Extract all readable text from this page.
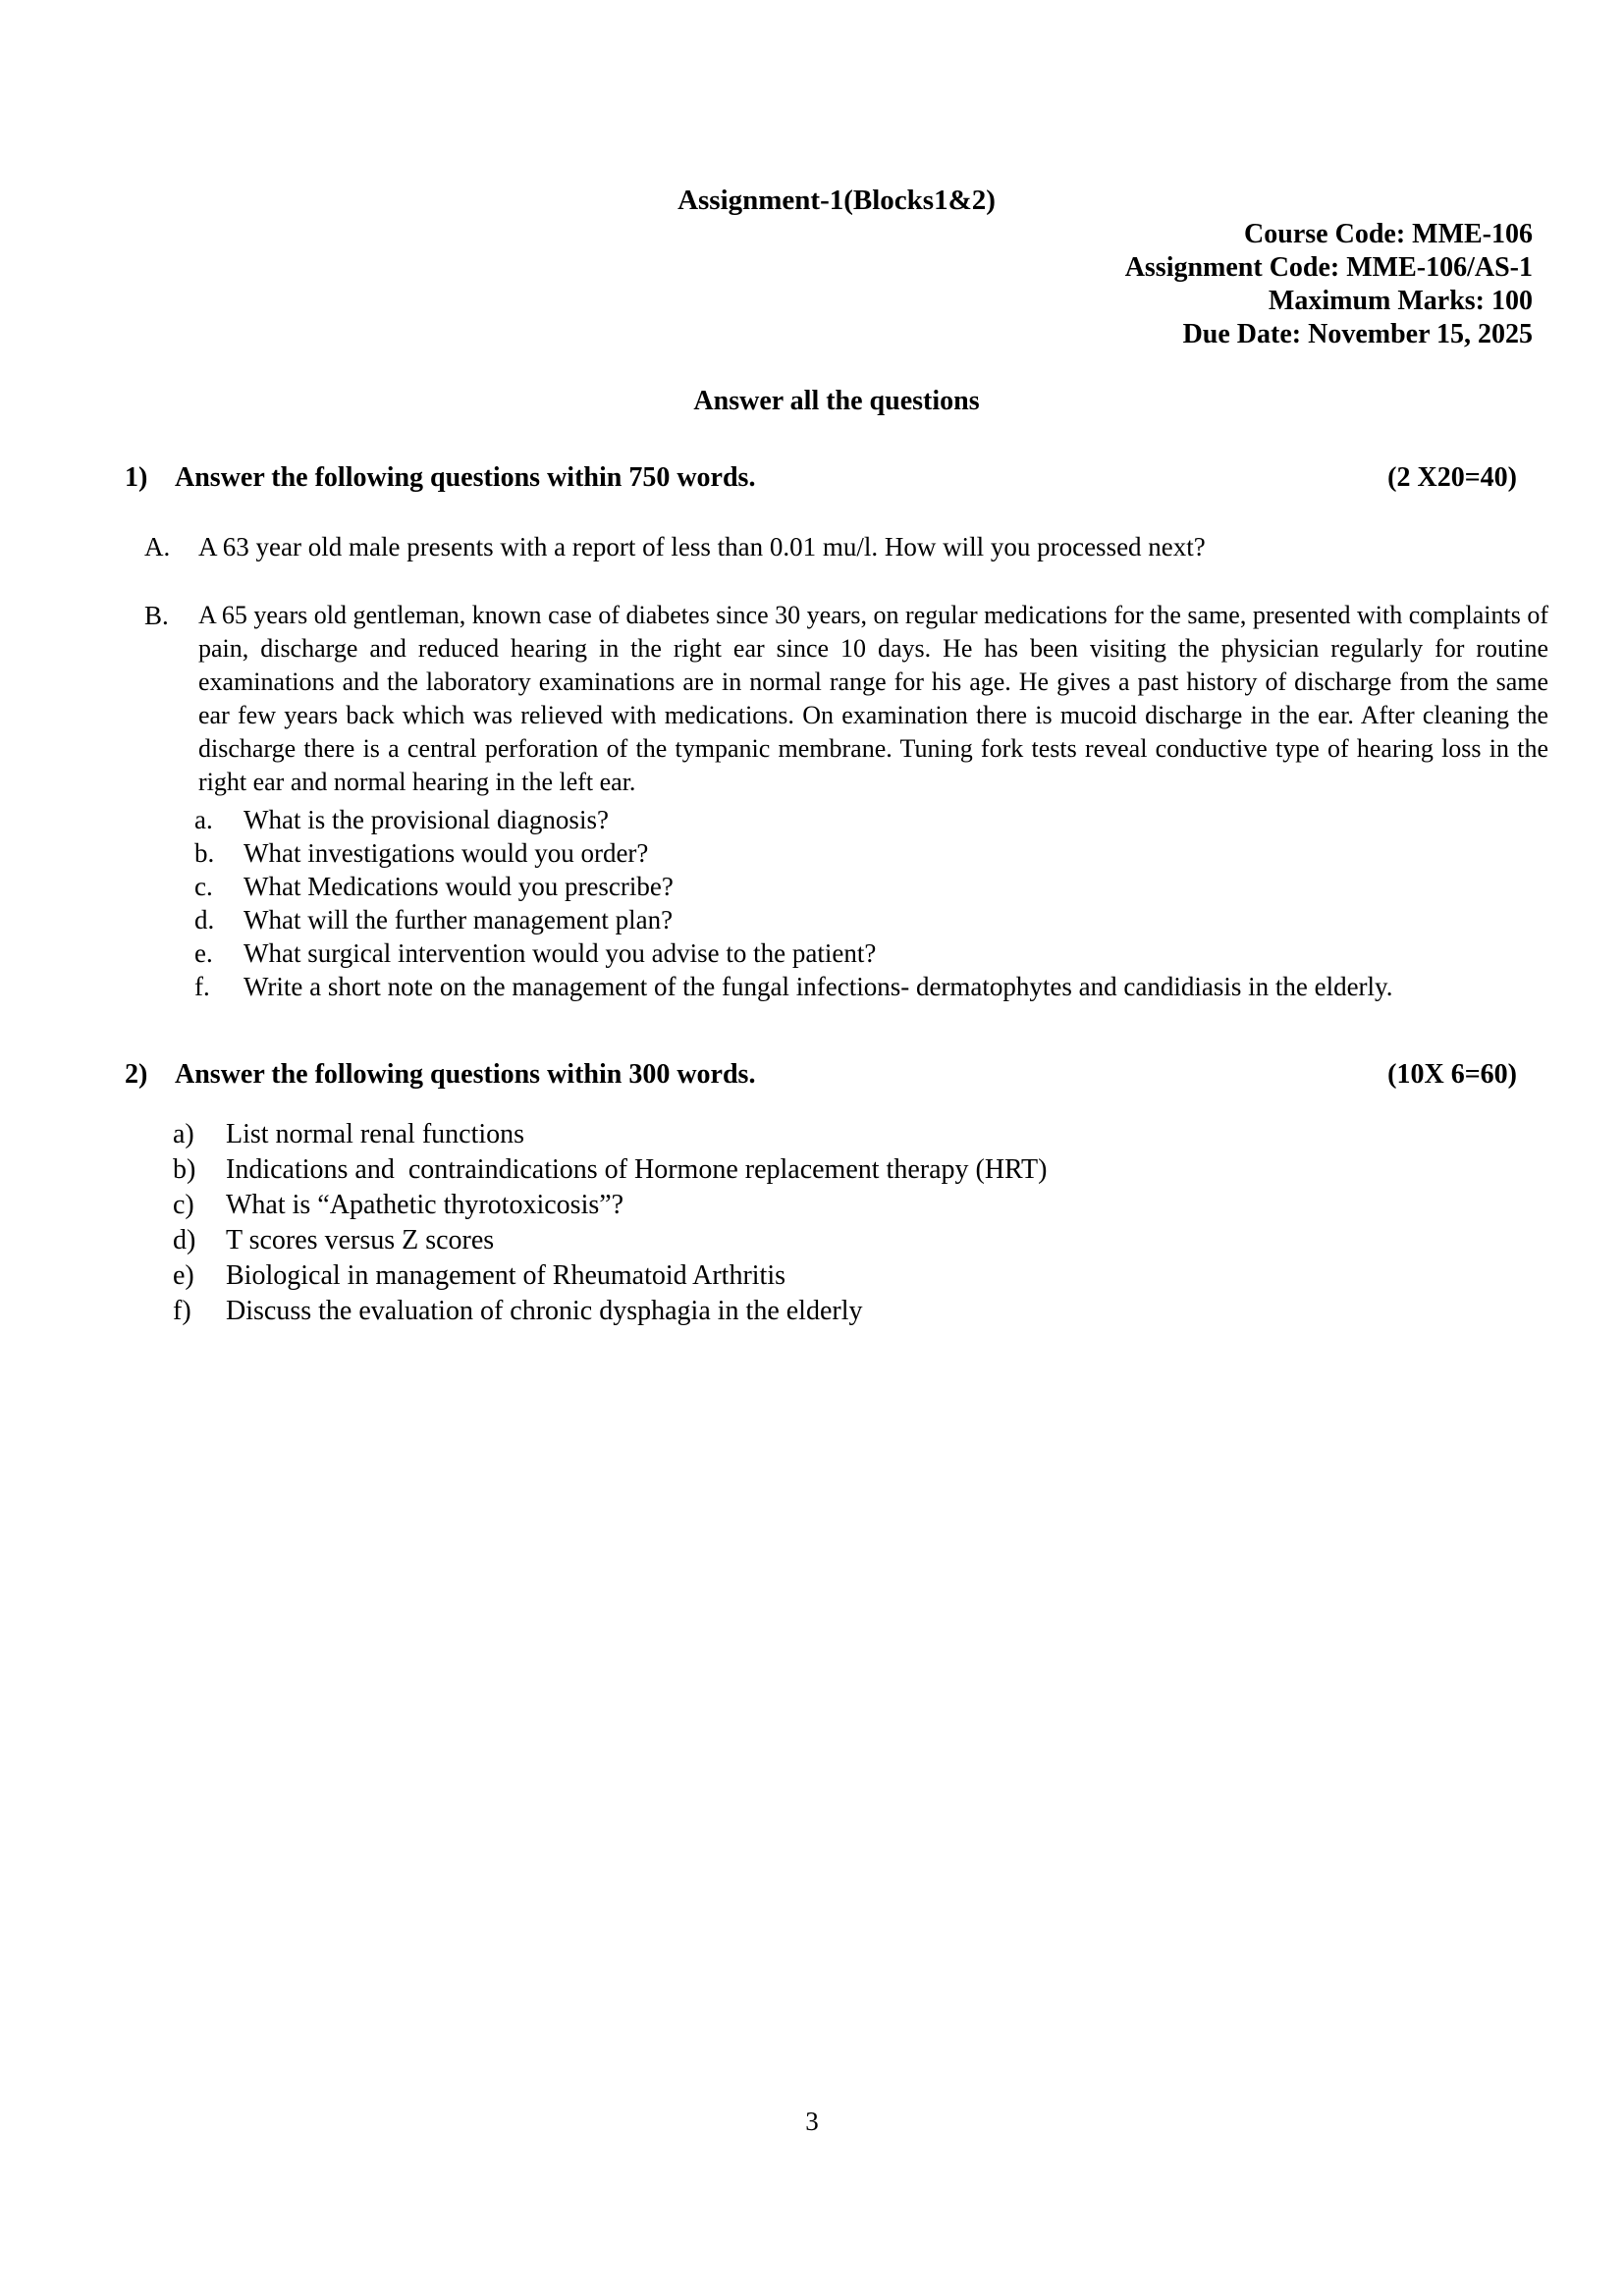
Assignment-1(Blocks1&2)
Course Code: MME-106
Assignment Code: MME-106/AS-1
Maximum Marks: 100
Due Date: November 15, 2025
Answer all the questions
1) Answer the following questions within 750 words.	(2 X20=40)
A.	A 63 year old male presents with a report of less than 0.01 mu/l. How will you processed next?
B.	A 65 years old gentleman, known case of diabetes since 30 years, on regular medications for the same, presented with complaints of pain, discharge and reduced hearing in the right ear since 10 days. He has been visiting the physician regularly for routine examinations and the laboratory examinations are in normal range for his age. He gives a past history of discharge from the same ear few years back which was relieved with medications. On examination there is mucoid discharge in the ear. After cleaning the discharge there is a central perforation of the tympanic membrane. Tuning fork tests reveal conductive type of hearing loss in the right ear and normal hearing in the left ear.
a.	What is the provisional diagnosis?
b.	What investigations would you order?
c.	What Medications would you prescribe?
d.	What will the further management plan?
e.	What surgical intervention would you advise to the patient?
f.	Write a short note on the management of the fungal infections- dermatophytes and candidiasis in the elderly.
2) Answer the following questions within 300 words.	(10X 6=60)
a)	List normal renal functions
b)	Indications and  contraindications of Hormone replacement therapy (HRT)
c)	What is “Apathetic thyrotoxicosis”?
d)	T scores versus Z scores
e)	Biological in management of Rheumatoid Arthritis
f)	Discuss the evaluation of chronic dysphagia in the elderly
3
